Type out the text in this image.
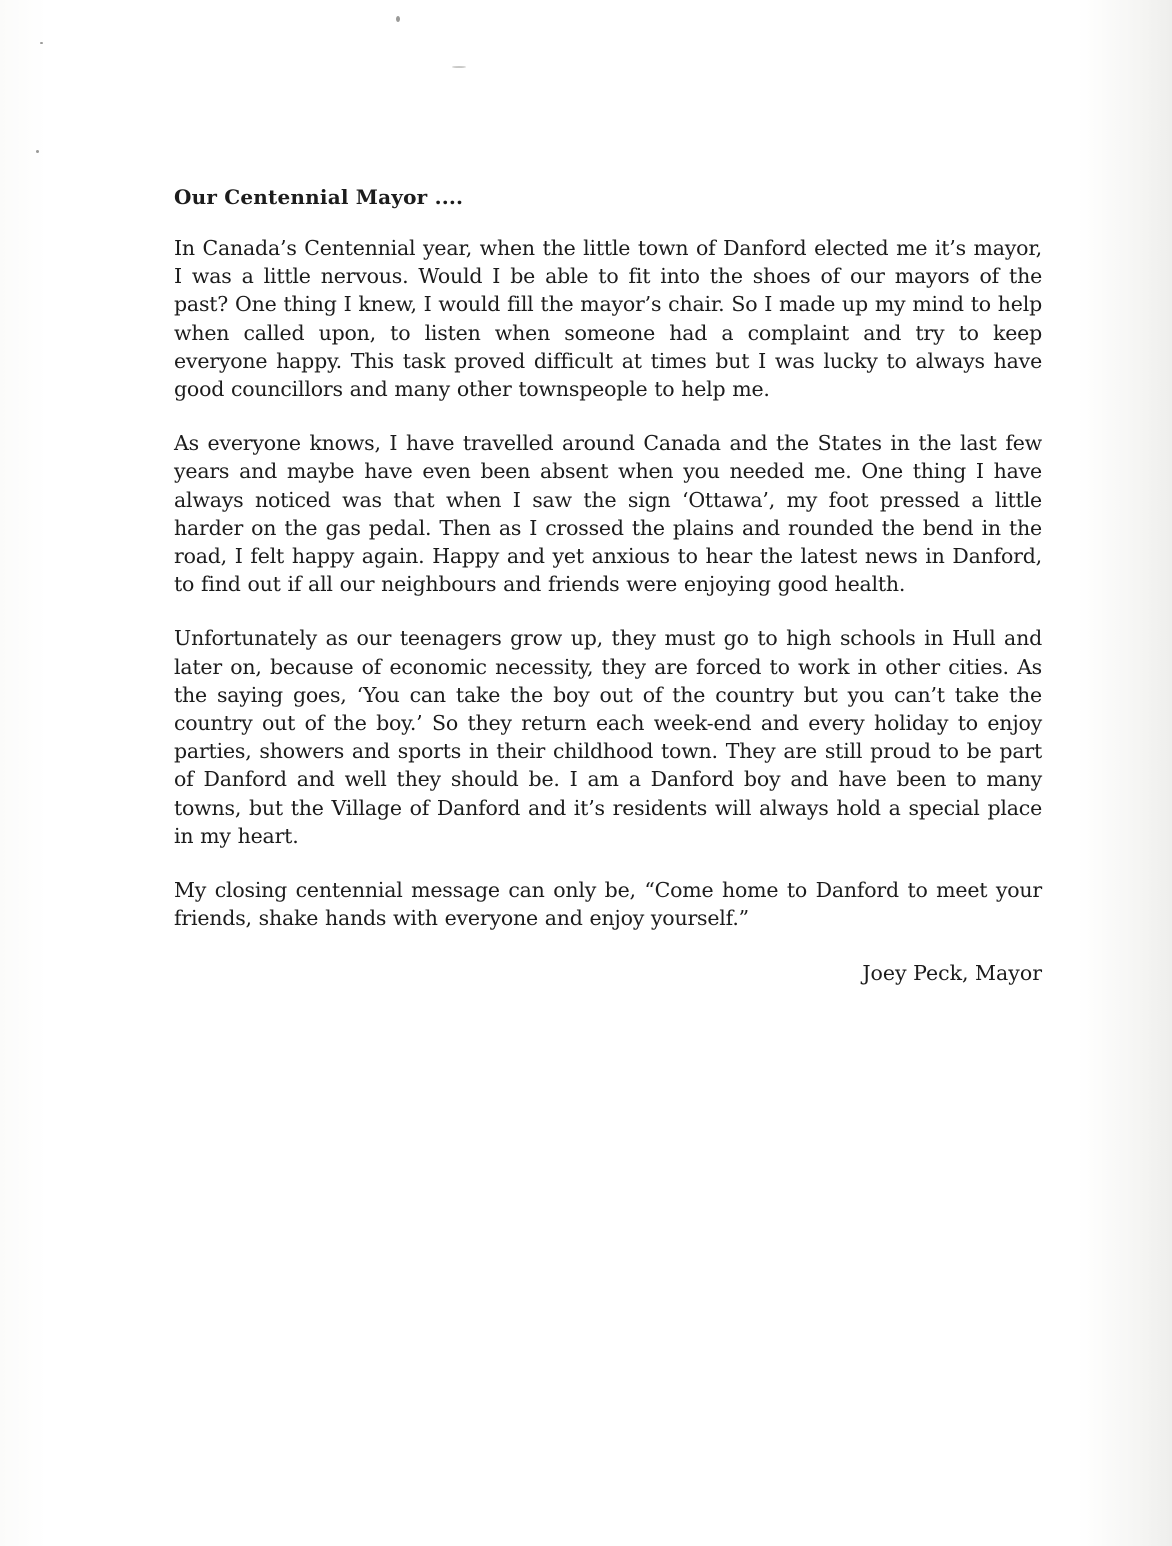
Our Centennial Mayor ....

In Canada’s Centennial year, when the little town of Danford elected me it’s mayor, I was a little nervous. Would I be able to fit into the shoes of our mayors of the past? One thing I knew, I would fill the mayor’s chair. So I made up my mind to help when called upon, to listen when someone had a complaint and try to keep everyone happy. This task proved difficult at times but I was lucky to always have good councillors and many other townspeople to help me.

As everyone knows, I have travelled around Canada and the States in the last few years and maybe have even been absent when you needed me. One thing I have always noticed was that when I saw the sign ‘Ottawa’, my foot pressed a little harder on the gas pedal. Then as I crossed the plains and rounded the bend in the road, I felt happy again. Happy and yet anxious to hear the latest news in Danford, to find out if all our neighbours and friends were enjoying good health.

Unfortunately as our teenagers grow up, they must go to high schools in Hull and later on, because of economic necessity, they are forced to work in other cities. As the saying goes, ‘You can take the boy out of the country but you can’t take the country out of the boy.’ So they return each week-end and every holiday to enjoy parties, showers and sports in their childhood town. They are still proud to be part of Danford and well they should be. I am a Danford boy and have been to many towns, but the Village of Danford and it’s residents will always hold a special place in my heart.

My closing centennial message can only be, “Come home to Danford to meet your friends, shake hands with everyone and enjoy yourself.”

Joey Peck, Mayor
